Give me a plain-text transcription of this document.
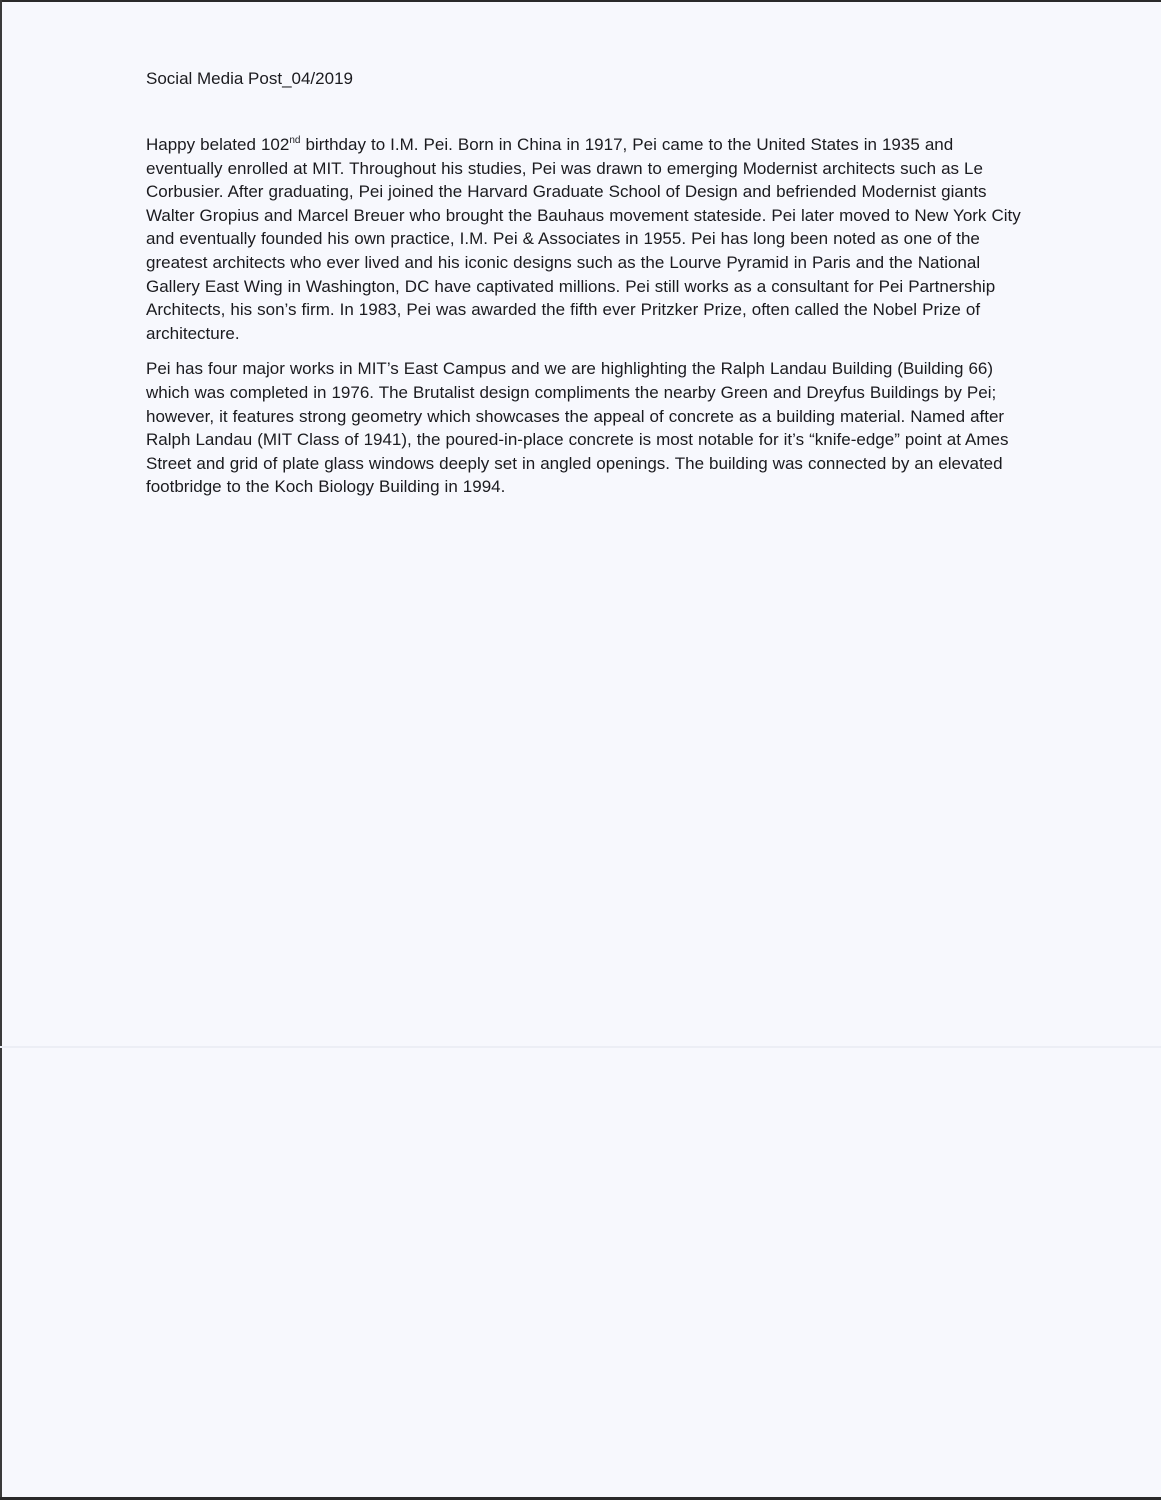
Social Media Post_04/2019

Happy belated 102nd birthday to I.M. Pei. Born in China in 1917, Pei came to the United States in 1935 and eventually enrolled at MIT. Throughout his studies, Pei was drawn to emerging Modernist architects such as Le Corbusier. After graduating, Pei joined the Harvard Graduate School of Design and befriended Modernist giants Walter Gropius and Marcel Breuer who brought the Bauhaus movement stateside. Pei later moved to New York City and eventually founded his own practice, I.M. Pei & Associates in 1955. Pei has long been noted as one of the greatest architects who ever lived and his iconic designs such as the Lourve Pyramid in Paris and the National Gallery East Wing in Washington, DC have captivated millions. Pei still works as a consultant for Pei Partnership Architects, his son’s firm. In 1983, Pei was awarded the fifth ever Pritzker Prize, often called the Nobel Prize of architecture.

Pei has four major works in MIT’s East Campus and we are highlighting the Ralph Landau Building (Building 66) which was completed in 1976. The Brutalist design compliments the nearby Green and Dreyfus Buildings by Pei; however, it features strong geometry which showcases the appeal of concrete as a building material. Named after Ralph Landau (MIT Class of 1941), the poured-in-place concrete is most notable for it’s “knife-edge” point at Ames Street and grid of plate glass windows deeply set in angled openings. The building was connected by an elevated footbridge to the Koch Biology Building in 1994.
